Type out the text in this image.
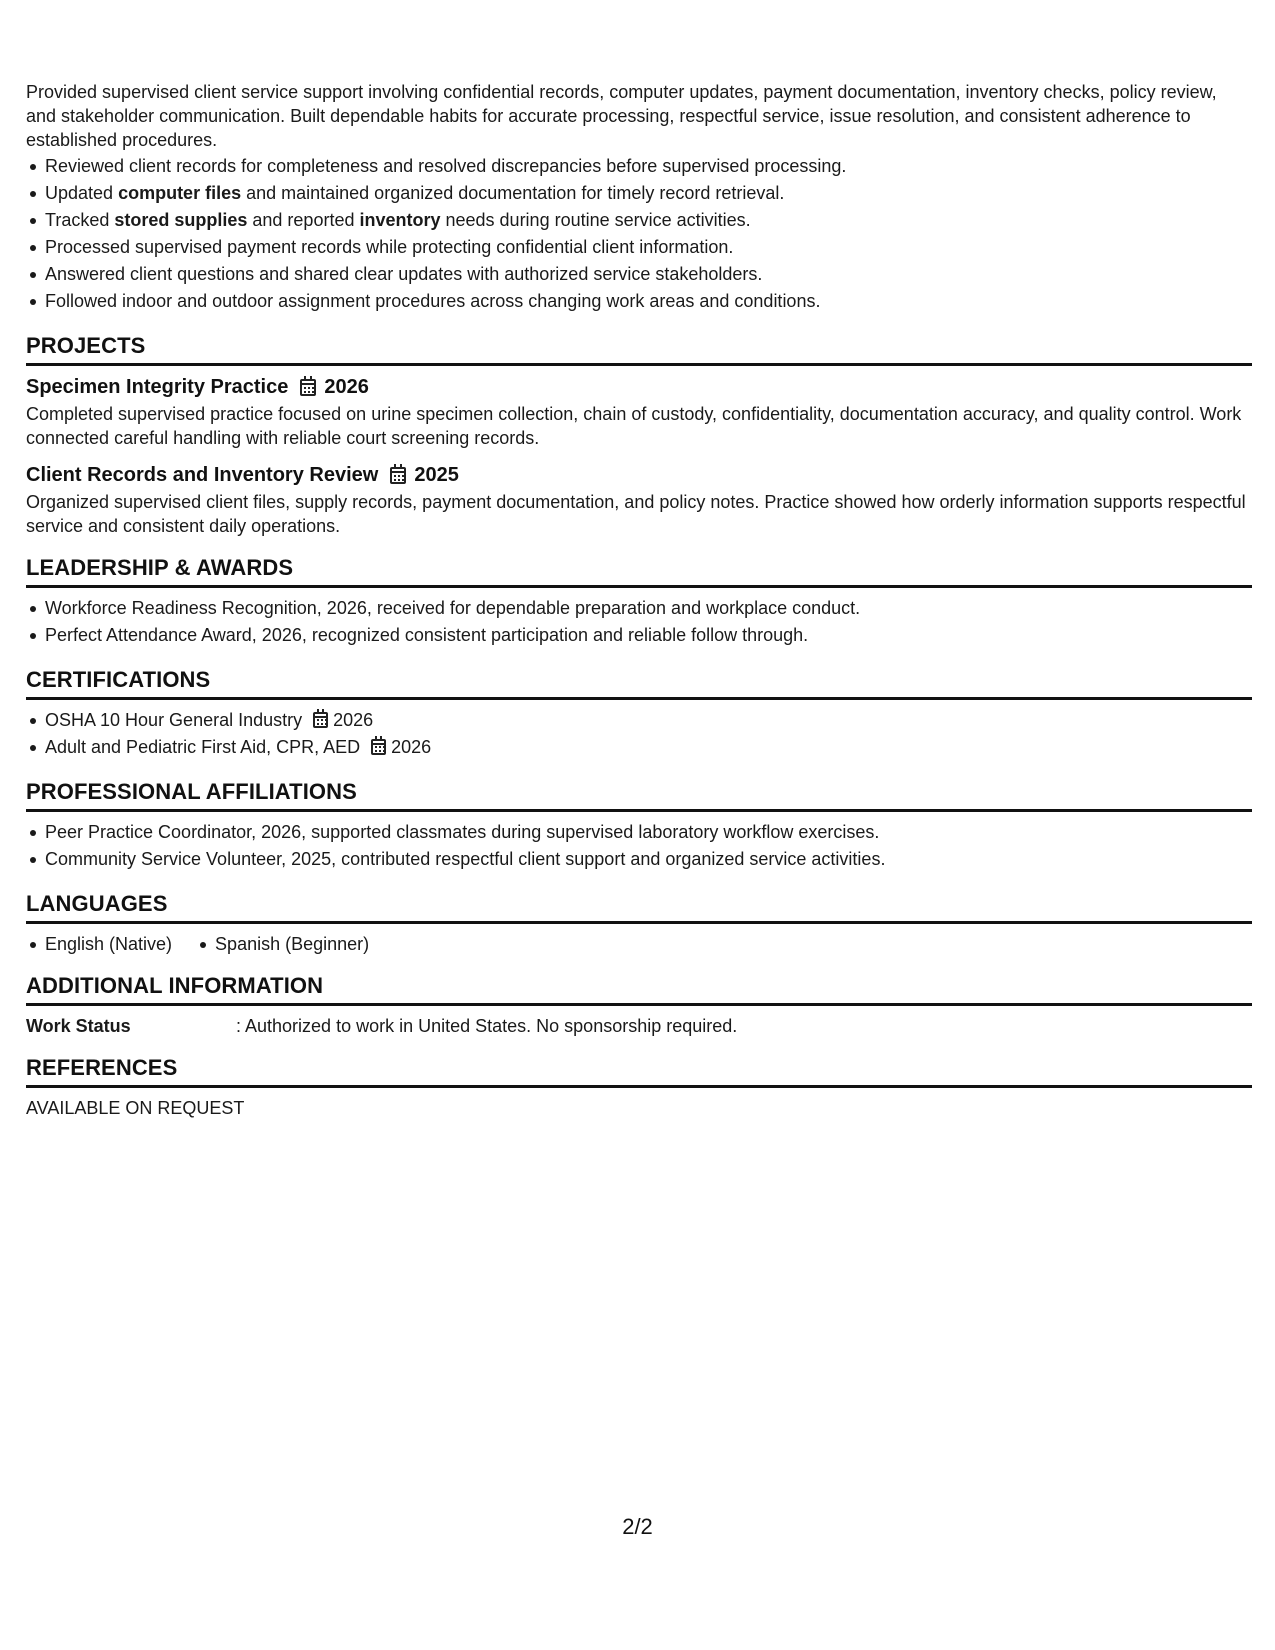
Provided supervised client service support involving confidential records, computer updates, payment documentation, inventory checks, policy review, and stakeholder communication. Built dependable habits for accurate processing, respectful service, issue resolution, and consistent adherence to established procedures.
Reviewed client records for completeness and resolved discrepancies before supervised processing.
Updated computer files and maintained organized documentation for timely record retrieval.
Tracked stored supplies and reported inventory needs during routine service activities.
Processed supervised payment records while protecting confidential client information.
Answered client questions and shared clear updates with authorized service stakeholders.
Followed indoor and outdoor assignment procedures across changing work areas and conditions.
PROJECTS
Specimen Integrity Practice 2026
Completed supervised practice focused on urine specimen collection, chain of custody, confidentiality, documentation accuracy, and quality control. Work connected careful handling with reliable court screening records.
Client Records and Inventory Review 2025
Organized supervised client files, supply records, payment documentation, and policy notes. Practice showed how orderly information supports respectful service and consistent daily operations.
LEADERSHIP & AWARDS
Workforce Readiness Recognition, 2026, received for dependable preparation and workplace conduct.
Perfect Attendance Award, 2026, recognized consistent participation and reliable follow through.
CERTIFICATIONS
OSHA 10 Hour General Industry 2026
Adult and Pediatric First Aid, CPR, AED 2026
PROFESSIONAL AFFILIATIONS
Peer Practice Coordinator, 2026, supported classmates during supervised laboratory workflow exercises.
Community Service Volunteer, 2025, contributed respectful client support and organized service activities.
LANGUAGES
English (Native)	Spanish (Beginner)
ADDITIONAL INFORMATION
Work Status	: Authorized to work in United States. No sponsorship required.
REFERENCES
AVAILABLE ON REQUEST
2/2
